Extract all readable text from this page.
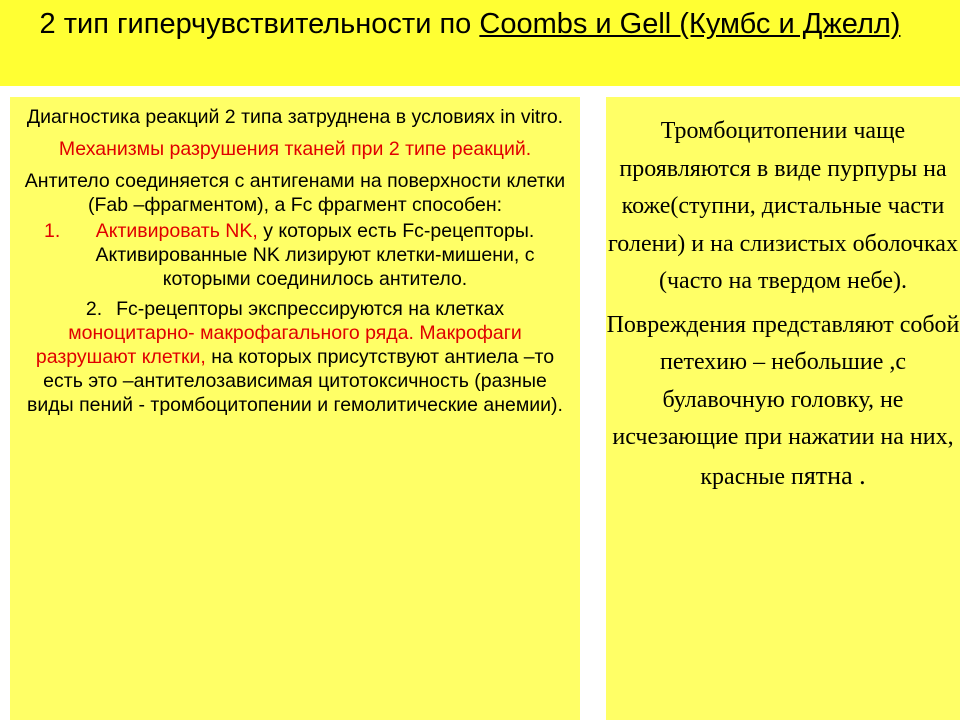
2 тип гиперчувствительности по Coombs и Gell (Кумбс и Джелл)

Диагностика реакций 2 типа затруднена в условиях in vitro.

Механизмы разрушения тканей при 2 типе реакций.

Антитело соединяется с антигенами на поверхности клетки (Fab –фрагментом), а Fc фрагмент способен:

1. Активировать NK, у которых есть Fc-рецепторы. Активированные NK лизируют клетки-мишени, с которыми соединилось антитело.
2. Fc-рецепторы экспрессируются на клетках моноцитарно- макрофагального ряда. Макрофаги разрушают клетки, на которых присутствуют антиела –то есть это –антителозависимая цитотоксичность (разные виды пений - тромбоцитопении и гемолитические анемии).

Тромбоцитопении чаще проявляются в виде пурпуры на коже(ступни, дистальные части голени) и на слизистых оболочках (часто на твердом небе).

Повреждения представляют собой петехию – небольшие ,с булавочную головку, не исчезающие при нажатии на них, красные пятна .
